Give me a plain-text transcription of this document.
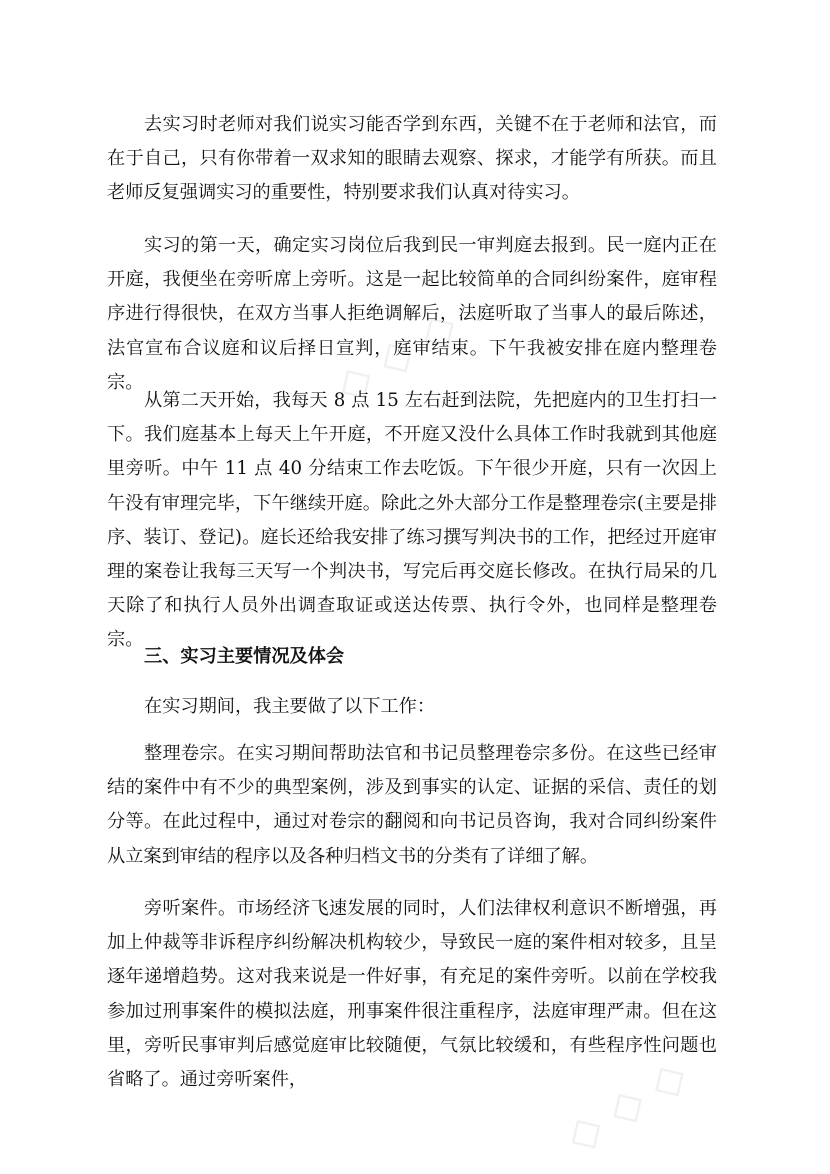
◇ ◇ ◇
◇ ◇ ◇

去实习时老师对我们说实习能否学到东西，关键不在于老师和法官，而在于自己，只有你带着一双求知的眼睛去观察、探求，才能学有所获。而且老师反复强调实习的重要性，特别要求我们认真对待实习。

实习的第一天，确定实习岗位后我到民一审判庭去报到。民一庭内正在开庭，我便坐在旁听席上旁听。这是一起比较简单的合同纠纷案件，庭审程序进行得很快，在双方当事人拒绝调解后，法庭听取了当事人的最后陈述，法官宣布合议庭和议后择日宣判，庭审结束。下午我被安排在庭内整理卷宗。

从第二天开始，我每天 8 点 15 左右赶到法院，先把庭内的卫生打扫一下。我们庭基本上每天上午开庭，不开庭又没什么具体工作时我就到其他庭里旁听。中午 11 点 40 分结束工作去吃饭。下午很少开庭，只有一次因上午没有审理完毕，下午继续开庭。除此之外大部分工作是整理卷宗(主要是排序、装订、登记)。庭长还给我安排了练习撰写判决书的工作，把经过开庭审理的案卷让我每三天写一个判决书，写完后再交庭长修改。在执行局呆的几天除了和执行人员外出调查取证或送达传票、执行令外，也同样是整理卷宗。

三、实习主要情况及体会

在实习期间，我主要做了以下工作：

整理卷宗。在实习期间帮助法官和书记员整理卷宗多份。在这些已经审结的案件中有不少的典型案例，涉及到事实的认定、证据的采信、责任的划分等。在此过程中，通过对卷宗的翻阅和向书记员咨询，我对合同纠纷案件从立案到审结的程序以及各种归档文书的分类有了详细了解。

旁听案件。市场经济飞速发展的同时，人们法律权利意识不断增强，再加上仲裁等非诉程序纠纷解决机构较少，导致民一庭的案件相对较多，且呈逐年递增趋势。这对我来说是一件好事，有充足的案件旁听。以前在学校我参加过刑事案件的模拟法庭，刑事案件很注重程序，法庭审理严肃。但在这里，旁听民事审判后感觉庭审比较随便，气氛比较缓和，有些程序性问题也省略了。通过旁听案件，
